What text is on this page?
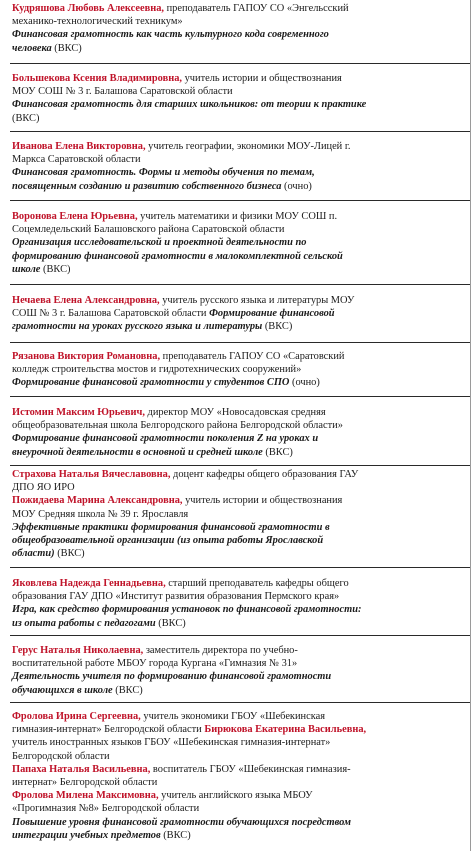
Кудряшова Любовь Алексеевна, преподаватель ГАПОУ СО «Энгельсский
механико-технологический техникум»
Финансовая грамотность как часть культурного кода современного
человека (ВКС)
Большекова Ксения Владимировна, учитель истории и обществознания
МОУ СОШ № 3 г. Балашова Саратовской области
Финансовая грамотность для старших школьников: от теории к практике
(ВКС)
Иванова Елена Викторовна, учитель географии, экономики МОУ-Лицей г.
Маркса Саратовской области
Финансовая грамотность. Формы и методы обучения по темам,
посвященным созданию и развитию собственного бизнеса (очно)
Воронова Елена Юрьевна, учитель математики и физики МОУ СОШ п.
Соцемледельский Балашовского района Саратовской области
Организация исследовательской и проектной деятельности по
формированию финансовой грамотности в малокомплектной сельской
школе (ВКС)
Нечаева Елена Александровна, учитель русского языка и литературы МОУ
СОШ № 3 г. Балашова Саратовской области Формирование финансовой
грамотности на уроках русского языка и литературы (ВКС)
Рязанова Виктория Романовна, преподаватель ГАПОУ СО «Саратовский
колледж строительства мостов и гидротехнических сооружений»
Формирование финансовой грамотности у студентов СПО (очно)
Истомин Максим Юрьевич, директор МОУ «Новосадовская средняя
общеобразовательная школа Белгородского района Белгородской области»
Формирование финансовой грамотности поколения Z на уроках и
внеурочной деятельности в основной и средней школе (ВКС)
Страхова Наталья Вячеславовна, доцент кафедры общего образования ГАУ
ДПО ЯО ИРО
Пожидаева Марина Александровна, учитель истории и обществознания
МОУ Средняя школа № 39 г. Ярославля
Эффективные практики формирования финансовой грамотности в
общеобразовательной организации (из опыта работы Ярославской
области) (ВКС)
Яковлева Надежда Геннадьевна, старший преподаватель кафедры общего
образования ГАУ ДПО «Институт развития образования Пермского края»
Игра, как средство формирования установок по финансовой грамотности:
из опыта работы с педагогами (ВКС)
Герус Наталья Николаевна, заместитель директора по учебно-
воспитательной работе МБОУ города Кургана «Гимназия № 31»
Деятельность учителя по формированию финансовой грамотности
обучающихся в школе (ВКС)
Фролова Ирина Сергеевна, учитель экономики ГБОУ «Шебекинская
гимназия-интернат» Белгородской области Бирюкова Екатерина Васильевна,
учитель иностранных языков ГБОУ «Шебекинская гимназия-интернат»
Белгородской области
Папаха Наталья Васильевна, воспитатель ГБОУ «Шебекинская гимназия-
интернат» Белгородской области
Фролова Милена Максимовна, учитель английского языка МБОУ
«Прогимназия №8» Белгородской области
Повышение уровня финансовой грамотности обучающихся посредством
интеграции учебных предметов (ВКС)
